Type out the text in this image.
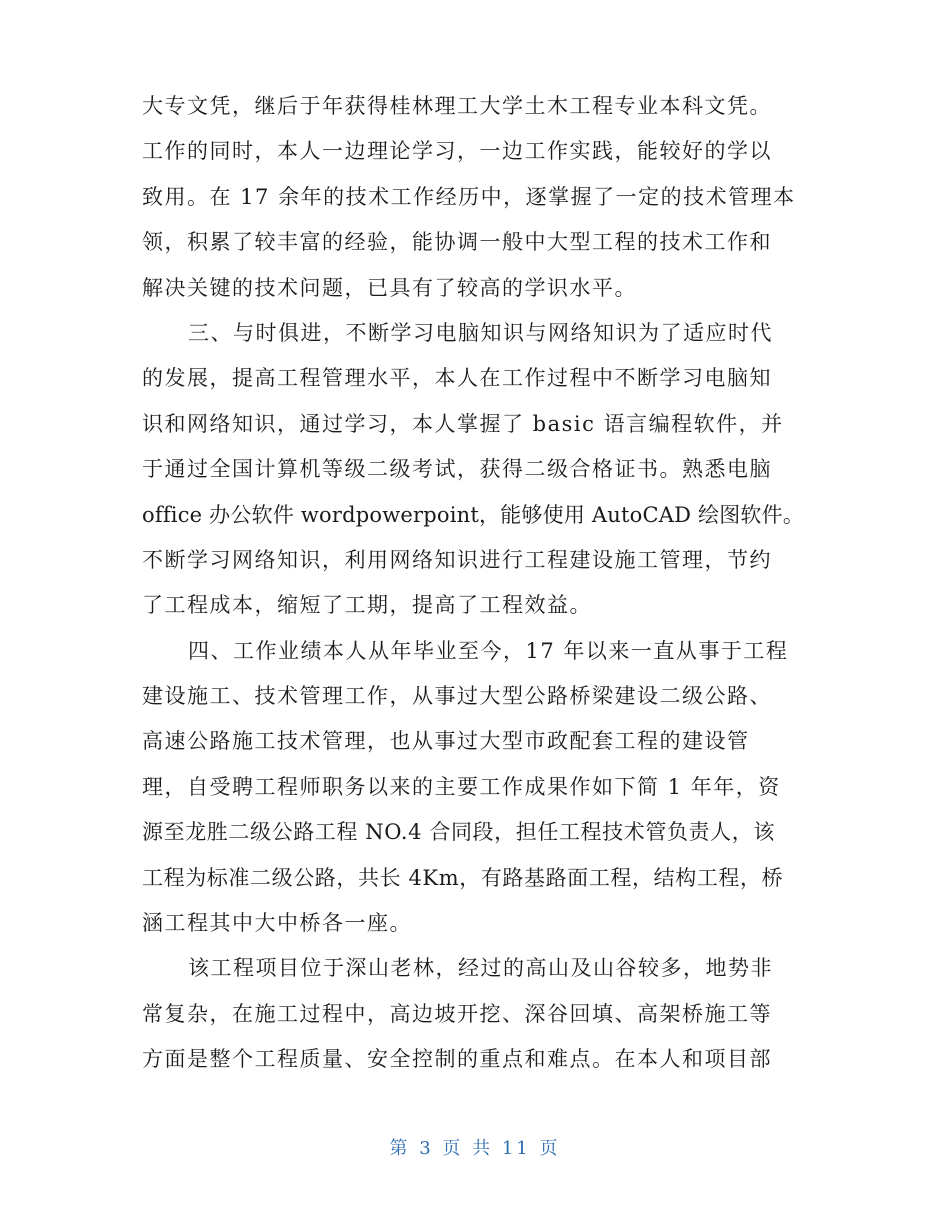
大专文凭，继后于年获得桂林理工大学土木工程专业本科文凭。
工作的同时，本人一边理论学习，一边工作实践，能较好的学以
致用。在 17 余年的技术工作经历中，逐掌握了一定的技术管理本
领，积累了较丰富的经验，能协调一般中大型工程的技术工作和
解决关键的技术问题，已具有了较高的学识水平。
三、与时俱进，不断学习电脑知识与网络知识为了适应时代
的发展，提高工程管理水平，本人在工作过程中不断学习电脑知
识和网络知识，通过学习，本人掌握了 basic 语言编程软件，并
于通过全国计算机等级二级考试，获得二级合格证书。熟悉电脑
office 办公软件 wordpowerpoint，能够使用 AutoCAD 绘图软件。
不断学习网络知识，利用网络知识进行工程建设施工管理，节约
了工程成本，缩短了工期，提高了工程效益。
四、工作业绩本人从年毕业至今，17 年以来一直从事于工程
建设施工、技术管理工作，从事过大型公路桥梁建设二级公路、
高速公路施工技术管理，也从事过大型市政配套工程的建设管
理，自受聘工程师职务以来的主要工作成果作如下简 1 年年，资
源至龙胜二级公路工程 NO.4 合同段，担任工程技术管负责人，该
工程为标准二级公路，共长 4Km，有路基路面工程，结构工程，桥
涵工程其中大中桥各一座。
该工程项目位于深山老林，经过的高山及山谷较多，地势非
常复杂，在施工过程中，高边坡开挖、深谷回填、高架桥施工等
方面是整个工程质量、安全控制的重点和难点。在本人和项目部
第 3 页 共 11 页
